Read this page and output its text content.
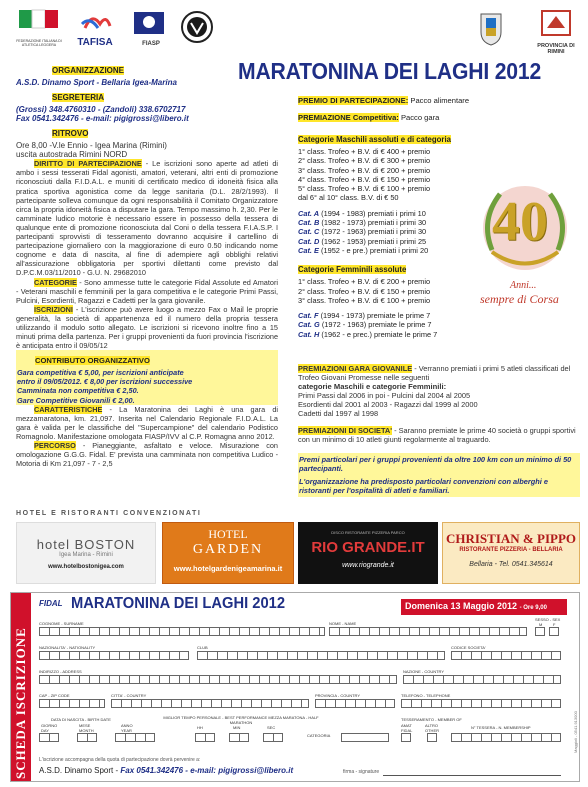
FEDERAZIONE ITALIANA DI ATLETICA LEGGERA	TAFISA	FIASP	PROVINCIA DI RIMINI
MARATONINA DEI LAGHI 2012
ORGANIZZAZIONE
A.S.D. Dinamo Sport - Bellaria Igea-Marina
SEGRETERIA
(Grossi) 348.4760310 - (Zandoli) 338.6702717
Fax 0541.342476 - e-mail: pigigrossi@libero.it
RITROVO
Ore 8,00 -V.le Ennio - Igea Marina (Rimini)
uscita autostrada Rimini NORD

DIRITTO DI PARTECIPAZIONE - Le iscrizioni sono aperte ad atleti di ambo i sessi tesserati Fidal agonisti, amatori, veterani, altri enti di promozione riconosciuti dalla F.I.D.A.L. e muniti di certificato medico di idoneità fisica alla pratica sportiva agonistica come da legge sanitaria (D.L. 28/2/1993). Il partecipante solleva comunque da ogni responsabilità il Comitato Organizzatore circa la propria idoneità fisica a disputare la gara. Tempo massimo h. 2,30. Per le camminate ludico motorie è necessario essere in possesso della tessera di qualunque ente di promozione riconosciuta dal Coni o della tessera F.I.A.S.P. I partecipanti sprovvisti di tesseramento dovranno acquisire il cartellino di partecipazione giornaliero con la maggiorazione di euro 0.50 indicando nome cognome e data di nascita, al fine di adempiere agli obblighi relativi all'assicurazione obbligatoria per sportivi dilettanti come previsto dal D.P.C.M.03/11/2010 - G.U. N. 29682010

CATEGORIE - Sono ammesse tutte le categorie Fidal Assolute ed Amatori - Veterani maschili e femminili per la gara competitiva e le categorie Primi Passi, Pulcini, Esordienti, Ragazzi e Cadetti per la gara giovanile.

ISCRIZIONI - L'iscrizione può avere luogo a mezzo Fax o Mail le proprie generalità, la società di appartenenza ed il numero della propria tessera utilizzando il modulo sotto allegato. Le iscrizioni si ricevono inoltre fino a 15 minuti prima della partenza. Per i gruppi provenienti da fuori provincia l'iscrizione è anticipata entro il 09/05/12

CONTRIBUTO ORGANIZZATIVO
Gara competitiva € 5,00, per iscrizioni anticipate
entro il 09/05/2012. € 8,00 per iscrizioni successive
Camminata non competitiva € 2,50.
Gare Competitive Giovanili € 2,00.

CARATTERISTICHE - La Maratonina dei Laghi è una gara di mezzamaratona, km. 21,097. Inserita nel Calendario Regionale F.I.D.A.L. La gara è valida per le classifiche del "Supercampione" del calendario Podistico Romagnolo. Manifestazione omologata FIASP/IVV al C.P. Romagna anno 2012.

PERCORSO - Pianeggiante, asfaltato e veloce. Misurazione con omologazione G.G.G. Fidal. E' prevista una camminata non competitiva Ludico - Motoria di Km 21,097 - 7 - 2,5

PREMIO DI PARTECIPAZIONE: Pacco alimentare
PREMIAZIONE Competitiva: Pacco gara
Categorie Maschili assoluti e di categoria
1° class. Trofeo + B.V. di € 400 + premio
2° class. Trofeo + B.V. di € 300 + premio
3° class. Trofeo + B.V. di € 200 + premio
4° class. Trofeo + B.V. di € 150 + premio
5° class. Trofeo + B.V. di € 100 + premio
dal 6° al 10° class. B.V. di € 50
Cat. A (1994 - 1983) premiati i primi 10
Cat. B (1982 - 1973) premiati i primi 30
Cat. C (1972 - 1963) premiati i primi 30
Cat. D (1962 - 1953) premiati i primi 25
Cat. E (1952 - e pre.) premiati i primi 20
Categorie Femminili assolute
1° class. Trofeo + B.V. di € 200 + premio
2° class. Trofeo + B.V. di € 150 + premio
3° class. Trofeo + B.V. di € 100 + premio
Cat. F (1994 - 1973) premiate le prime 7
Cat. G (1972 - 1963) premiate le prime 7
Cat. H (1962 - e prec.) premiate le prime 7
40
Anni...
sempre di Corsa
PREMIAZIONI GARA GIOVANILE - Verranno premiati i primi 5 atleti classificati del Trofeo Giovani Promesse nelle seguenti
categorie Maschili e categorie Femminili:
Primi Passi dal 2006 in poi - Pulcini dal 2004 al 2005
Esordienti dal 2001 al 2003 - Ragazzi dal 1999 al 2000
Cadetti dal 1997 al 1998
PREMIAZIONI DI SOCIETA' - Saranno premiate le prime 40 società o gruppi sportivi con un minimo di 10 atleti giunti regolarmente al traguardo.
Premi particolari per i gruppi provenienti da oltre 100 km con un minimo di 50 partecipanti.
L'organizzazione ha predisposto particolari convenzioni con alberghi e ristoranti per l'ospitalità di atleti e familiari.
HOTEL E RISTORANTI CONVENZIONATI
hotel BOSTON
Igea Marina - Rimini
www.hotelbostonigea.com
HOTEL
GARDEN
www.hotelgardenigeamarina.it
DISCO RISTORANTE PIZZERIA PARCO
RIO GRANDE.IT
www.riogrande.it
CHRISTIAN & PIPPO
RISTORANTE PIZZERIA - BELLARIA
Bellaria - Tel. 0541.345614
SCHEDA ISCRIZIONE
FIDAL MARATONINA DEI LAGHI 2012	Domenica 13 Maggio 2012 - Ore 9,00
COGNOME - SURNAME	NOME - NAME
SESSO - SEX
M	F
NAZIONALITA' - NATIONALITY	CLUB	CODICE SOCIETA'
INDIRIZZO - ADDRESS	NAZIONE - COUNTRY
CAP - ZIP CODE	CITTA' - COUNTRY	PROVINCIA - COUNTRY	TELEFONO - TELEPHONE
DATA DI NASCITA - BIRTH DATE	MIGLIOR TEMPO PERSONALE - BEST PERFORMANCE MEZZA MARATONA - HALF MARATHON
TESSERAMENTO - MEMBER OF
GIORNO DAY
MESE MONTH
ANNO YEAR
HH	MIN	SEC	AMAT FIDAL
ALTRO OTHER
N° TESSERA - N. MEMBERSHIP
CATEGORIA
L'iscrizione accompagna della quota di partecipazione dovrà pervenire a:
A.S.D. Dinamo Sport - Fax 0541.342476 - e-mail: pigigrossi@libero.it	firma - signature
Maggioli - 0541.913000
